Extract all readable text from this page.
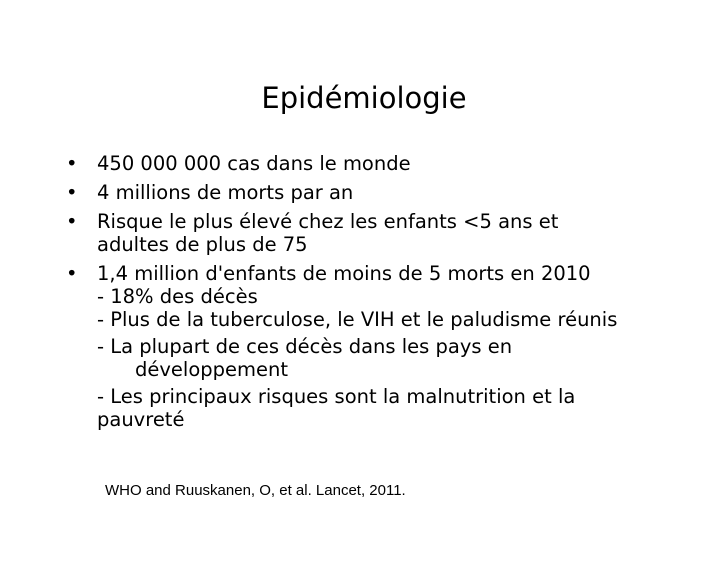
Epidémiologie
• 450 000 000 cas dans le monde
• 4 millions de morts par an
• Risque le plus élevé chez les enfants <5 ans et
adultes de plus de 75
• 1,4 million d'enfants de moins de 5 morts en 2010
- 18% des décès
- Plus de la tuberculose, le VIH et le paludisme réunis
- La plupart de ces décès dans les pays en
développement
- Les principaux risques sont la malnutrition et la
pauvreté
WHO and Ruuskanen, O, et al. Lancet, 2011.
